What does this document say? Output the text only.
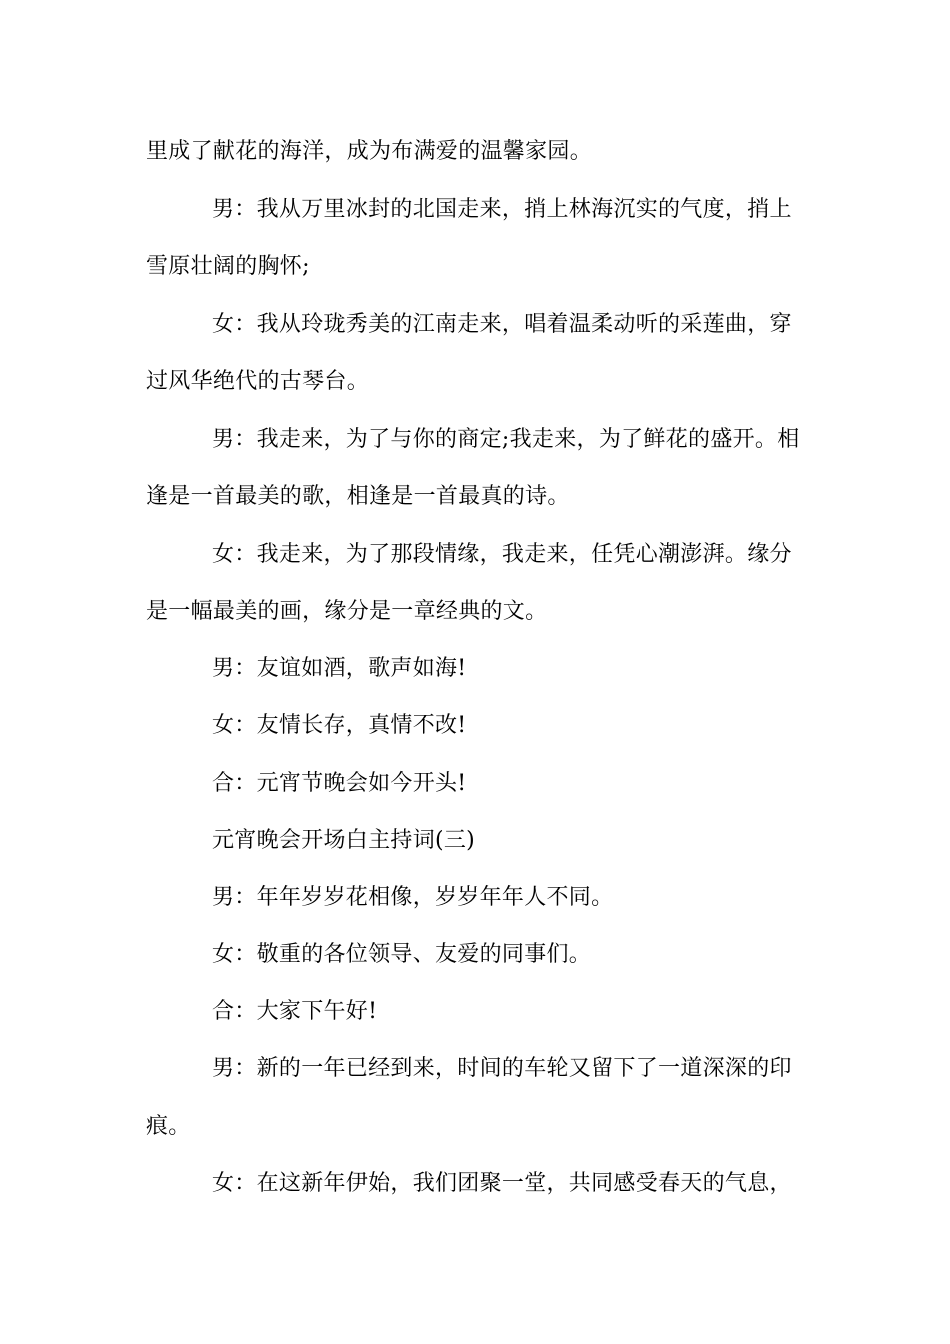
里成了献花的海洋，成为布满爱的温馨家园。
男：我从万里冰封的北国走来，捎上林海沉实的气度，捎上
雪原壮阔的胸怀;
女：我从玲珑秀美的江南走来，唱着温柔动听的采莲曲，穿
过风华绝代的古琴台。
男：我走来，为了与你的商定;我走来，为了鲜花的盛开。相
逢是一首最美的歌，相逢是一首最真的诗。
女：我走来，为了那段情缘，我走来，任凭心潮澎湃。缘分
是一幅最美的画，缘分是一章经典的文。
男：友谊如酒，歌声如海!
女：友情长存，真情不改!
合：元宵节晚会如今开头!
元宵晚会开场白主持词(三)
男：年年岁岁花相像，岁岁年年人不同。
女：敬重的各位领导、友爱的同事们。
合：大家下午好!
男：新的一年已经到来，时间的车轮又留下了一道深深的印
痕。
女：在这新年伊始，我们团聚一堂，共同感受春天的气息，
